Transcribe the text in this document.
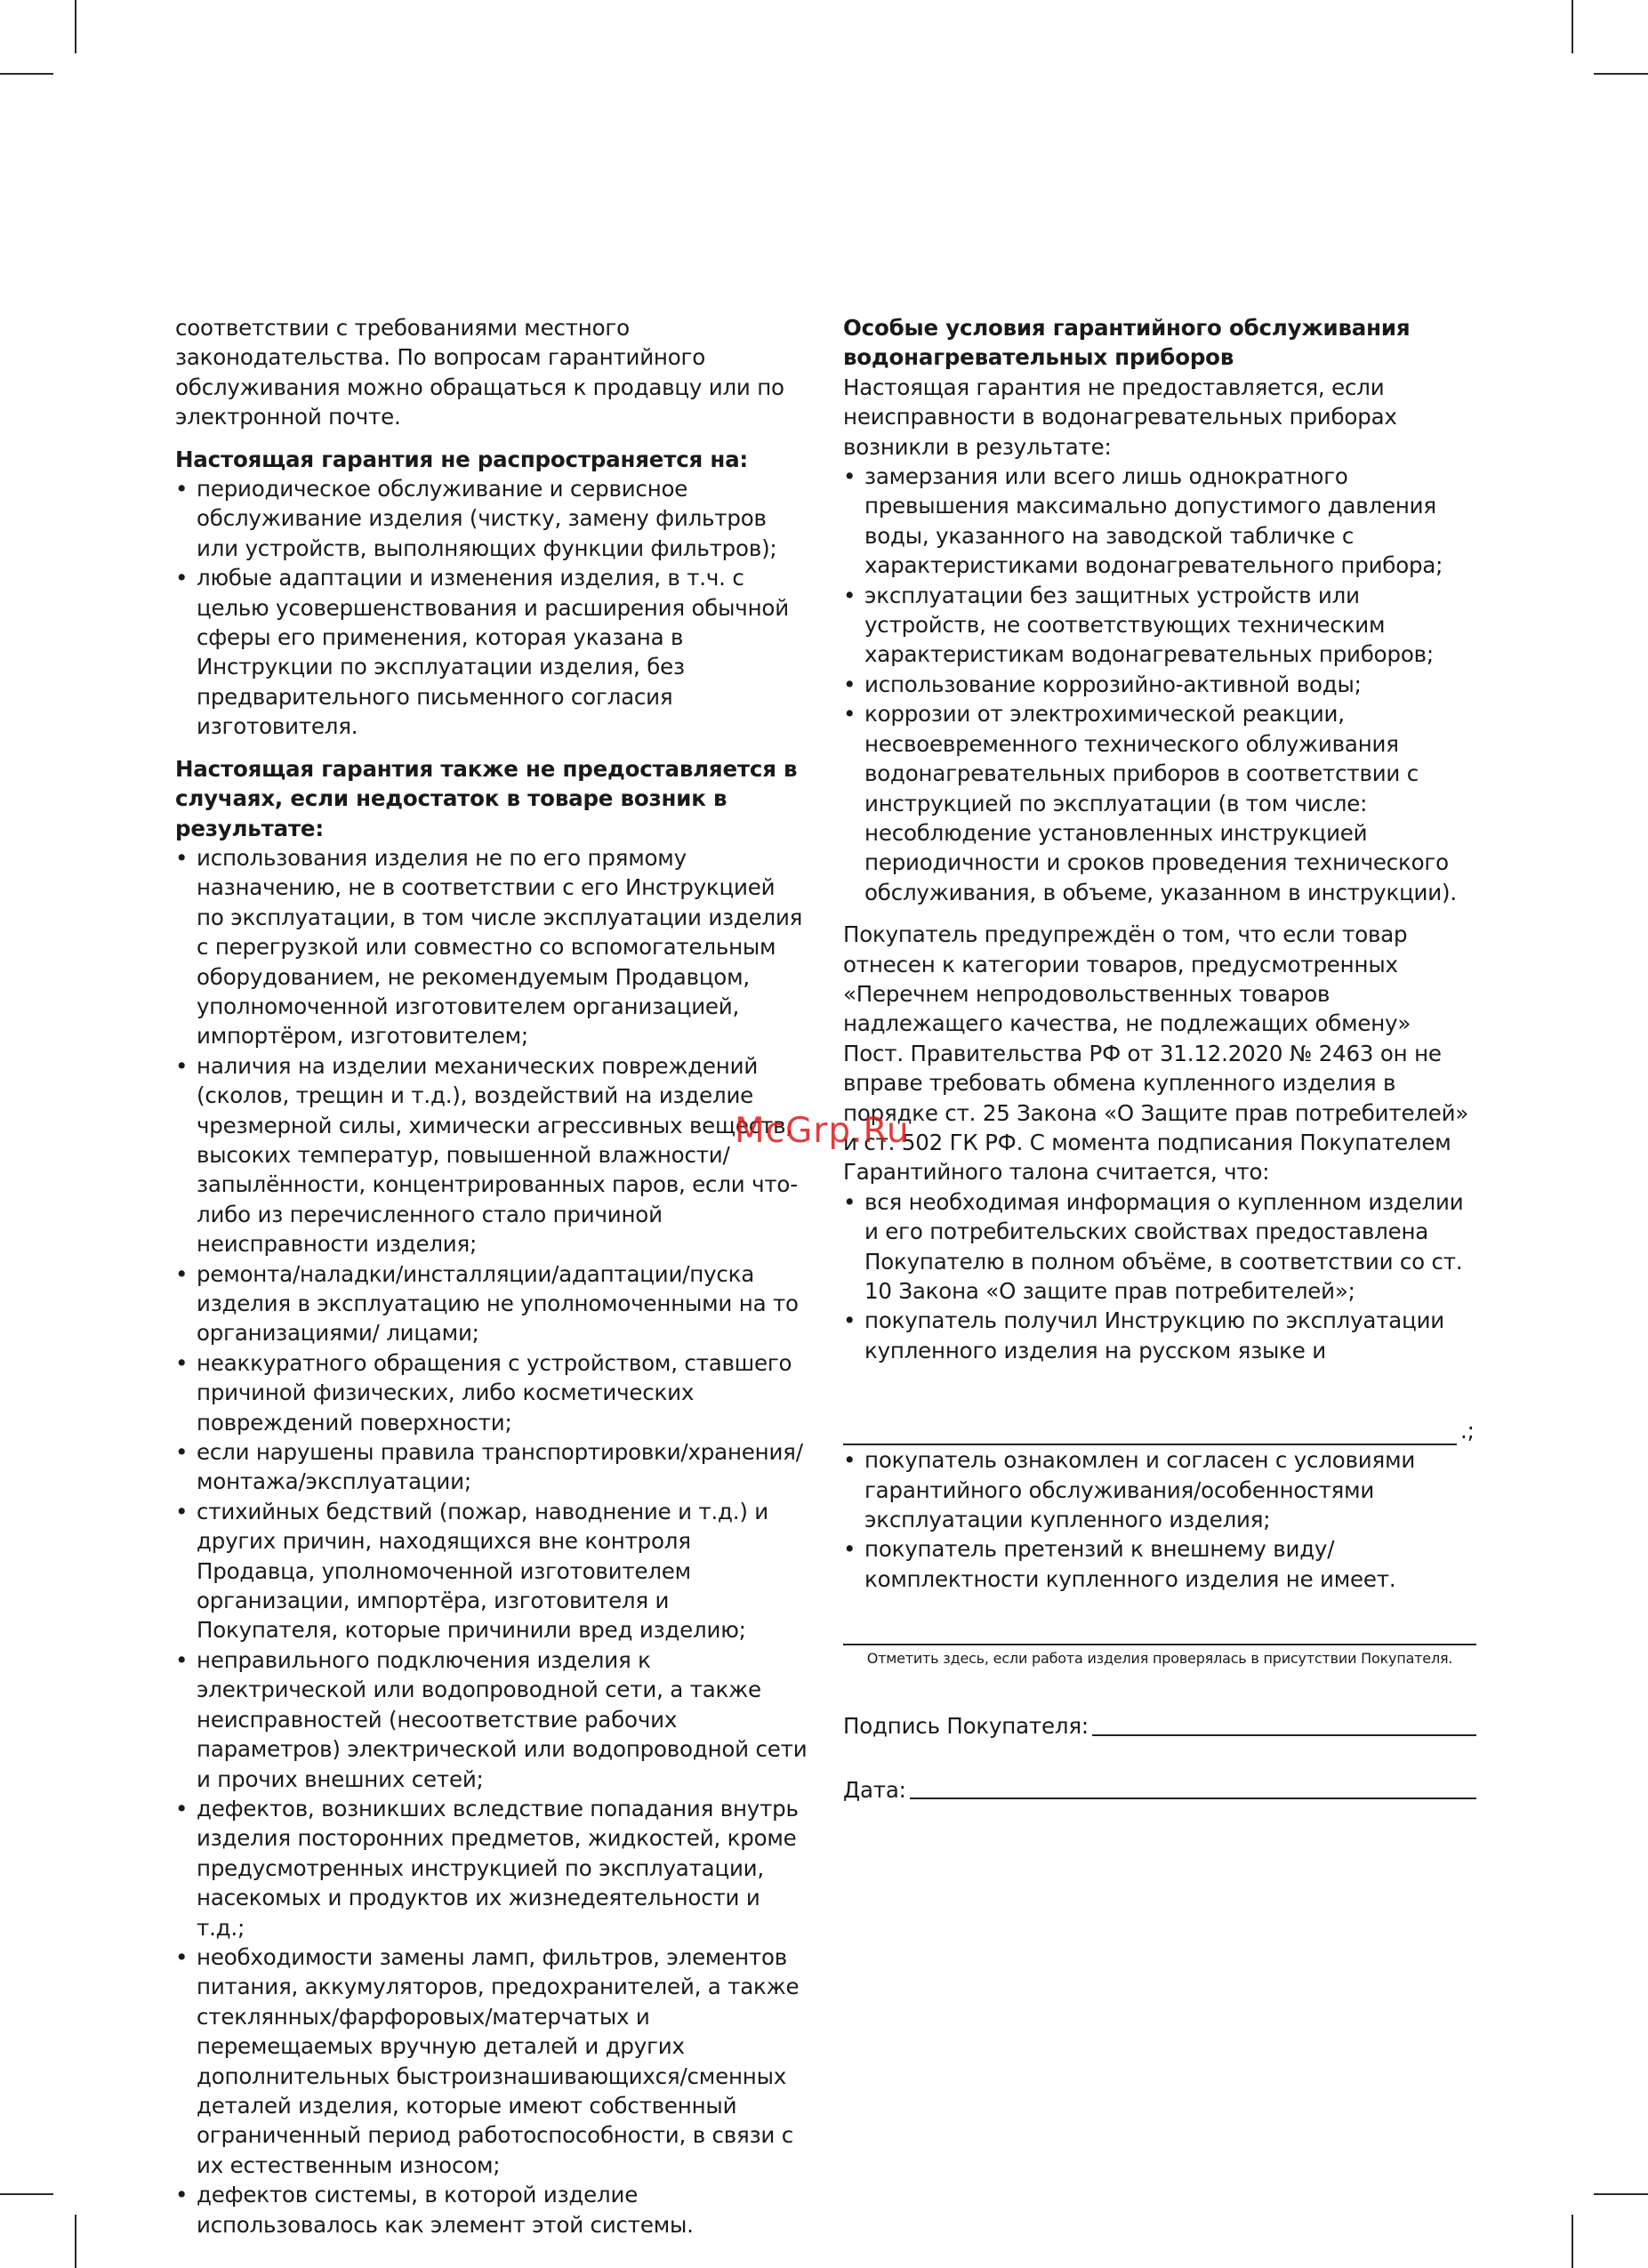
соответствии с требованиями местного законодательства. По вопросам гарантийного обслуживания можно обращаться к продавцу или по электронной почте.

Настоящая гарантия не распространяется на:

• периодическое обслуживание и сервисное обслуживание изделия (чистку, замену фильтров или устройств, выполняющих функции фильтров);
• любые адаптации и изменения изделия, в т.ч. с целью усовершенствования и расширения обычной сферы его применения, которая указана в Инструкции по эксплуатации изделия, без предварительного письменного согласия изготовителя.

Настоящая гарантия также не предоставляется в случаях, если недостаток в товаре возник в результате:

• использования изделия не по его прямому назначению, не в соответствии с его Инструкцией по эксплуатации, в том числе эксплуатации изделия с перегрузкой или совместно со вспомогательным оборудованием, не рекомендуемым Продавцом, уполномоченной изготовителем организацией, импортёром, изготовителем;
• наличия на изделии механических повреждений (сколов, трещин и т.д.), воздействий на изделие чрезмерной силы, химически агрессивных веществ, высоких температур, повышенной влажности/запылённости, концентрированных паров, если что-либо из перечисленного стало причиной неисправности изделия;
• ремонта/наладки/инсталляции/адаптации/пуска изделия в эксплуатацию не уполномоченными на то организациями/ лицами;
• неаккуратного обращения с устройством, ставшего причиной физических, либо косметических повреждений поверхности;
• если нарушены правила транспортировки/хранения/монтажа/эксплуатации;
• стихийных бедствий (пожар, наводнение и т.д.) и других причин, находящихся вне контроля Продавца, уполномоченной изготовителем организации, импортёра, изготовителя и Покупателя, которые причинили вред изделию;
• неправильного подключения изделия к электрической или водопроводной сети, а также неисправностей (несоответствие рабочих параметров) электрической или водопроводной сети и прочих внешних сетей;
• дефектов, возникших вследствие попадания внутрь изделия посторонних предметов, жидкостей, кроме предусмотренных инструкцией по эксплуатации, насекомых и продуктов их жизнедеятельности и т.д.;
• необходимости замены ламп, фильтров, элементов питания, аккумуляторов, предохранителей, а также стеклянных/фарфоровых/матерчатых и перемещаемых вручную деталей и других дополнительных быстроизнашивающихся/сменных деталей изделия, которые имеют собственный ограниченный период работоспособности, в связи с их естественным износом;
• дефектов системы, в которой изделие использовалось как элемент этой системы.

Особые условия гарантийного обслуживания водонагревательных приборов

Настоящая гарантия не предоставляется, если неисправности в водонагревательных приборах возникли в результате:

• замерзания или всего лишь однократного превышения максимально допустимого давления воды, указанного на заводской табличке с характеристиками водонагревательного прибора;
• эксплуатации без защитных устройств или устройств, не соответствующих техническим характеристикам водонагревательных приборов;
• использование коррозийно-активной воды;
• коррозии от электрохимической реакции, несвоевременного технического облуживания водонагревательных приборов в соответствии с инструкцией по эксплуатации (в том числе: несоблюдение установленных инструкцией периодичности и сроков проведения технического обслуживания, в объеме, указанном в инструкции).

Покупатель предупреждён о том, что если товар отнесен к категории товаров, предусмотренных «Перечнем непродовольственных товаров надлежащего качества, не подлежащих обмену» Пост. Правительства РФ от 31.12.2020 № 2463 он не вправе требовать обмена купленного изделия в порядке ст. 25 Закона «О Защите прав потребителей» и ст. 502 ГК РФ. С момента подписания Покупателем Гарантийного талона считается, что:

• вся необходимая информация о купленном изделии и его потребительских свойствах предоставлена Покупателю в полном объёме, в соответствии со ст. 10 Закона «О защите прав потребителей»;
• покупатель получил Инструкцию по эксплуатации купленного изделия на русском языке и
.;
• покупатель ознакомлен и согласен с условиями гарантийного обслуживания/особенностями эксплуатации купленного изделия;
• покупатель претензий к внешнему виду/комплектности купленного изделия не имеет.
Отметить здесь, если работа изделия проверялась в присутствии Покупателя.
Подпись Покупателя:
Дата:
McGrp.Ru
